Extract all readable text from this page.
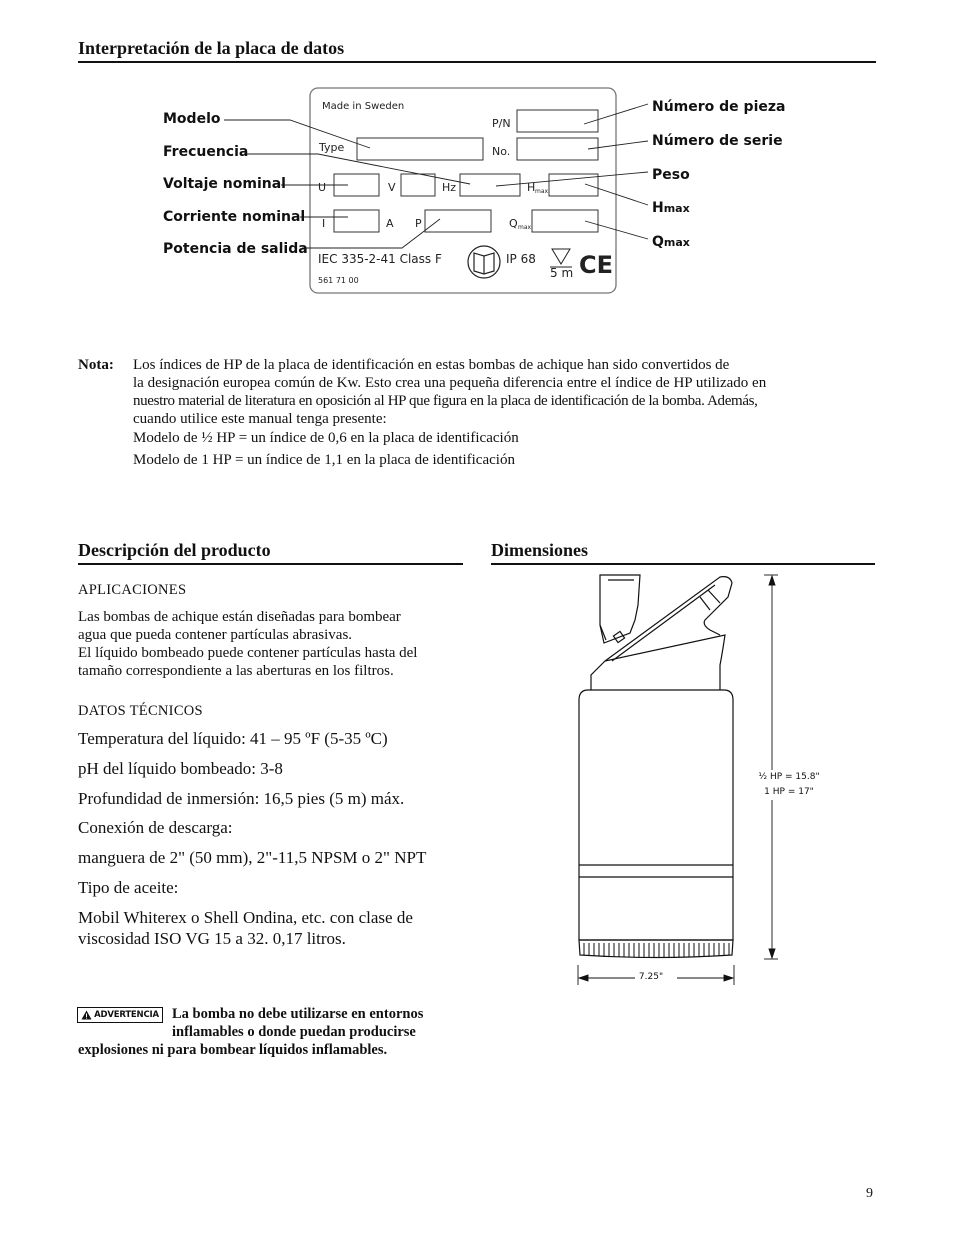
Interpretación de la placa de datos
Made in Sweden
P/N
Type	No.
U	V	Hz	H max
I	A P	Q max
IEC 335-2-41 Class F
561 71 00
IP 68
5 m CE
Modelo
Frecuencia
Voltaje nominal
Corriente nominal
Potencia de salida
Número de pieza
Número de serie
Peso
Hmax
Qmax
Nota: Los índices de HP de la placa de identificación en estas bombas de achique han sido convertidos de
la designación europea común de Kw. Esto crea una pequeña diferencia entre el índice de HP utilizado en
nuestro material de literatura en oposición al HP que figura en la placa de identificación de la bomba. Además,
cuando utilice este manual tenga presente:
Modelo de ½ HP = un índice de 0,6 en la placa de identificación
Modelo de 1 HP = un índice de 1,1 en la placa de identificación
Descripción del producto
APLICACIONES
Las bombas de achique están diseñadas para bombear
agua que pueda contener partículas abrasivas.
El líquido bombeado puede contener partículas hasta del
tamaño correspondiente a las aberturas en los filtros.
DATOS TÉCNICOS
Temperatura del líquido: 41 – 95 ºF (5-35 ºC)
pH del líquido bombeado: 3-8
Profundidad de inmersión: 16,5 pies (5 m) máx.
Conexión de descarga:
manguera de 2" (50 mm), 2"-11,5 NPSM o 2" NPT
Tipo de aceite:
Mobil Whiterex o Shell Ondina, etc. con clase de
viscosidad ISO VG 15 a 32. 0,17 litros.
ADVERTENCIA La bomba no debe utilizarse en entornos
inflamables o donde puedan producirse
explosiones ni para bombear líquidos inflamables.
Dimensiones
½ HP = 15.8"
1 HP = 17"
7.25"
9
